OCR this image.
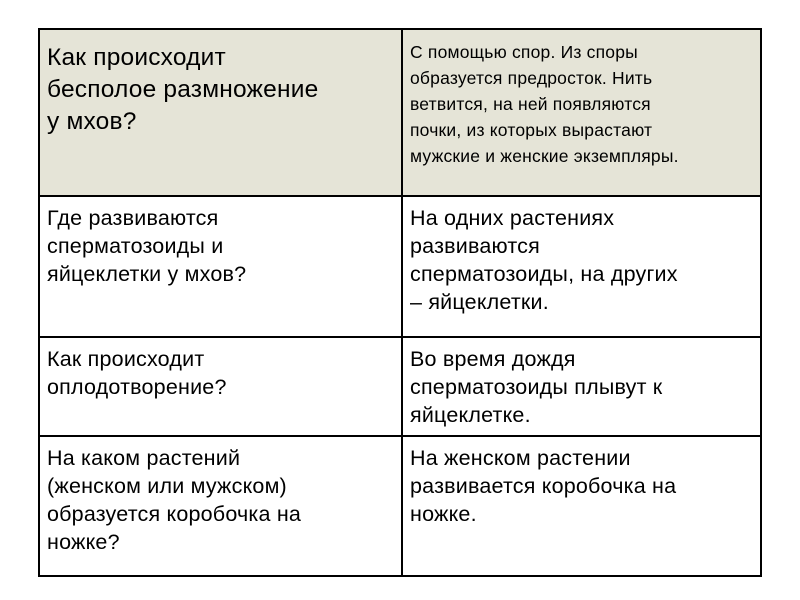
Как происходит
бесполое размножение
у мхов?	С помощью спор. Из споры
образуется предросток. Нить
ветвится, на ней появляются
почки, из которых вырастают
мужские и женские экземпляры.

Где развиваются
сперматозоиды и
яйцеклетки у мхов?	На одних растениях
развиваются
сперматозоиды, на других
– яйцеклетки.

Как происходит
оплодотворение?	Во время дождя
сперматозоиды плывут к
яйцеклетке.

На каком растений
(женском или мужском)
образуется коробочка на
ножке?	На женском растении
развивается коробочка на
ножке.
